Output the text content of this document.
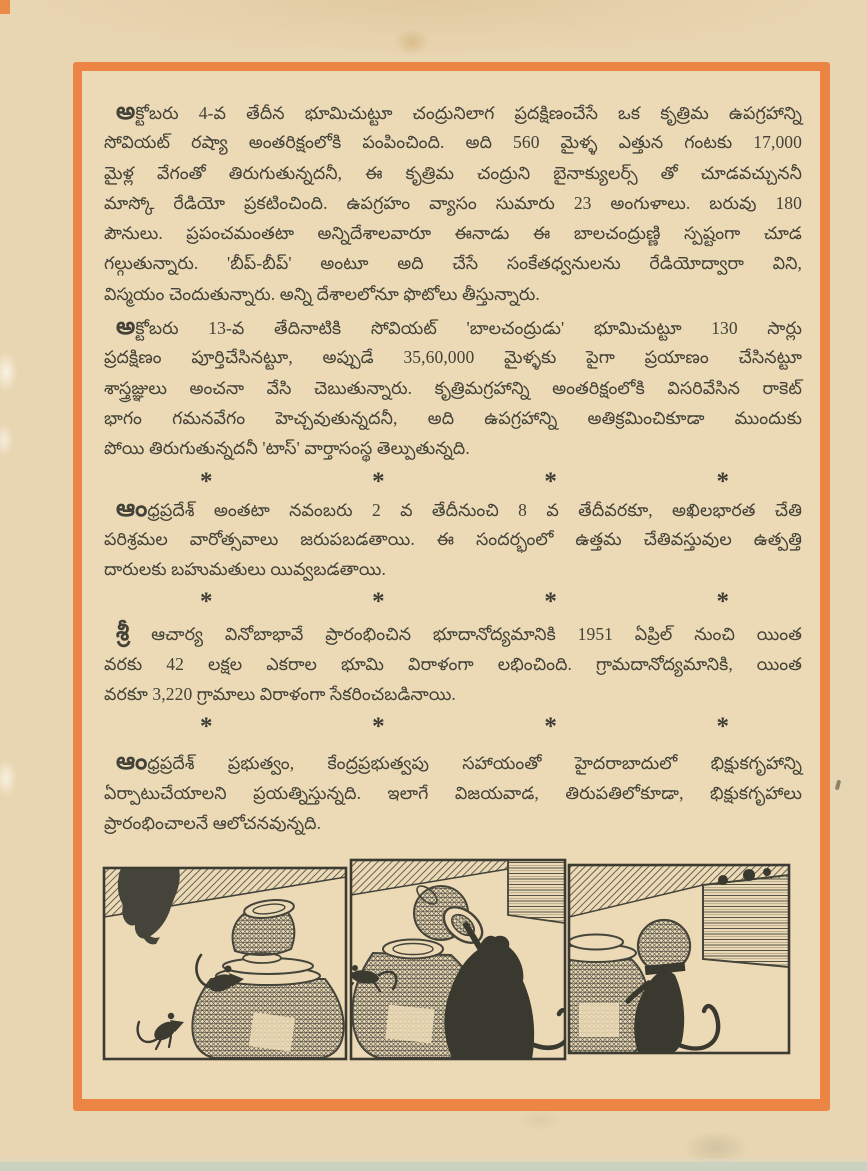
అక్టోబరు 4-వ తేదీన భూమిచుట్టూ చంద్రునిలాగ ప్రదక్షిణంచేసే ఒక కృత్రిమ ఉపగ్రహాన్ని
సోవియట్ రష్యా అంతరిక్షంలోకి పంపించింది. అది 560 మైళ్ళ ఎత్తున గంటకు 17,000
మైళ్ల వేగంతో తిరుగుతున్నదనీ, ఈ కృత్రిమ చంద్రుని బైనాక్యులర్స్ తో చూడవచ్చుననీ
మాస్కో రేడియో ప్రకటించింది. ఉపగ్రహం వ్యాసం సుమారు 23 అంగుళాలు. బరువు 180
పౌనులు. ప్రపంచమంతటా అన్నిదేశాలవారూ ఈనాడు ఈ బాలచంద్రుణ్ణి స్పష్టంగా చూడ
గల్గుతున్నారు. 'బీప్-బీప్' అంటూ అది చేసే సంకేతధ్వనులను రేడియోద్వారా విని,
విస్మయం చెందుతున్నారు. అన్ని దేశాలలోనూ ఫొటోలు తీస్తున్నారు.
అక్టోబరు 13-వ తేదినాటికి సోవియట్ 'బాలచంద్రుడు' భూమిచుట్టూ 130 సార్లు
ప్రదక్షిణం పూర్తిచేసినట్టూ, అప్పుడే 35,60,000 మైళ్ళకు పైగా ప్రయాణం చేసినట్టూ
శాస్త్రజ్ఞులు అంచనా వేసి చెబుతున్నారు. కృత్రిమగ్రహాన్ని అంతరిక్షంలోకి విసరివేసిన రాకెట్
భాగం గమనవేగం హెచ్చవుతున్నదనీ, అది ఉపగ్రహాన్ని అతిక్రమించికూడా ముందుకు
పోయి తిరుగుతున్నదనీ 'టాస్' వార్తాసంస్థ తెల్పుతున్నది.
*	*	*	*
ఆంధ్రప్రదేశ్ అంతటా నవంబరు 2 వ తేదీనుంచి 8 వ తేదీవరకూ, అఖిలభారత చేతి
పరిశ్రమల వారోత్సవాలు జరుపబడతాయి. ఈ సందర్భంలో ఉత్తమ చేతివస్తువుల ఉత్పత్తి
దారులకు బహుమతులు యివ్వబడతాయి.
*	*	*	*
శ్రీ ఆచార్య వినోబాభావే ప్రారంభించిన భూదానోద్యమానికి 1951 ఏప్రిల్ నుంచి యింత
వరకు 42 లక్షల ఎకరాల భూమి విరాళంగా లభించింది. గ్రామదానోద్యమానికి, యింత
వరకూ 3,220 గ్రామాలు విరాళంగా సేకరించబడినాయి.
*	*	*	*
ఆంధ్రప్రదేశ్ ప్రభుత్వం, కేంద్రప్రభుత్వపు సహాయంతో హైదరాబాదులో భిక్షుకగృహాన్ని
ఏర్పాటుచేయాలని ప్రయత్నిస్తున్నది. ఇలాగే విజయవాడ, తిరుపతిలోకూడా, భిక్షుకగృహాలు
ప్రారంభించాలనే ఆలోచనవున్నది.
